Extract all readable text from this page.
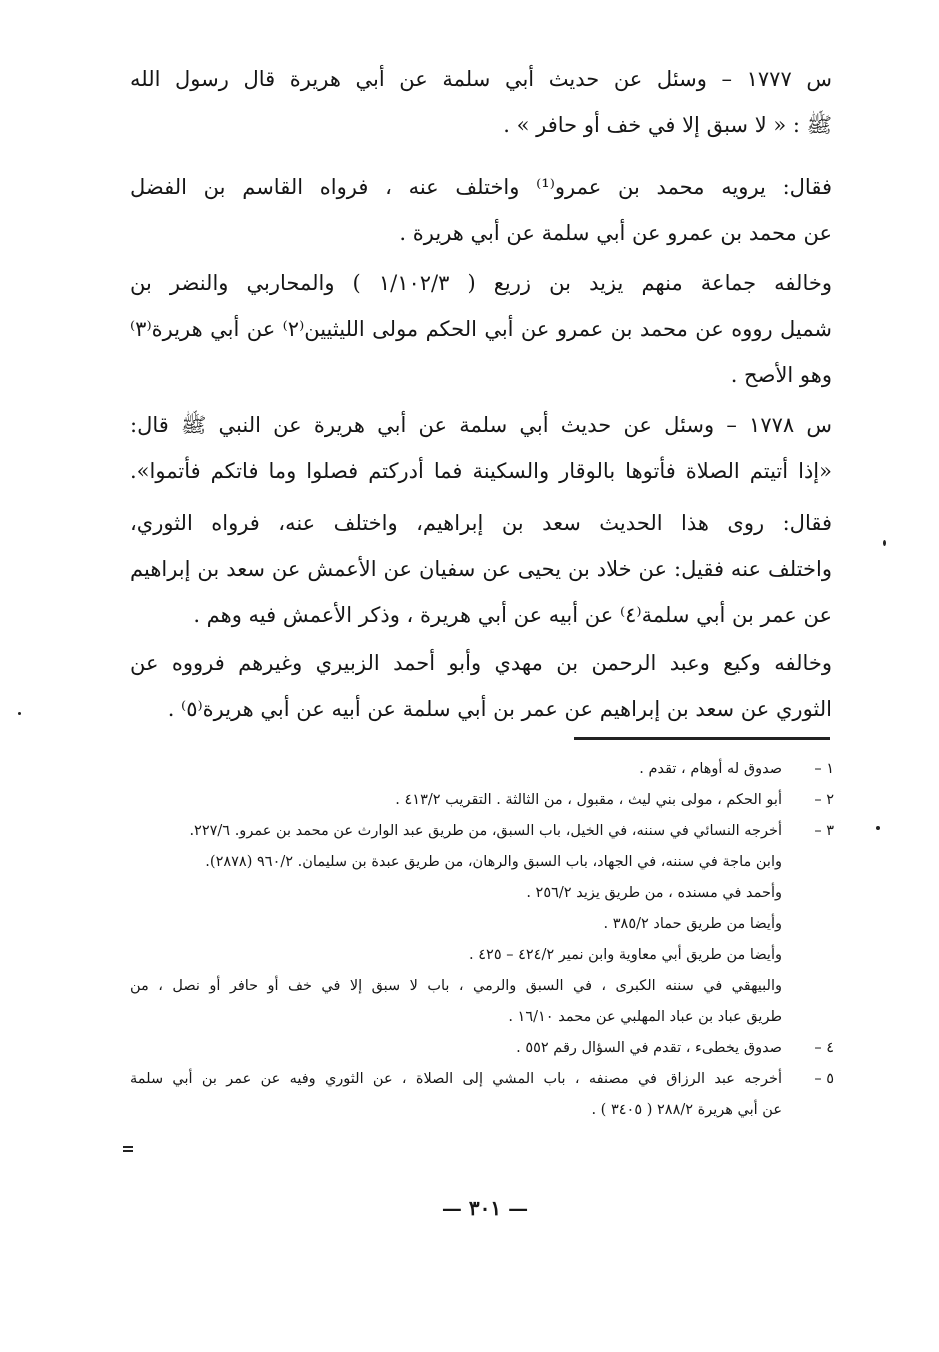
س ١٧٧٧ – وسئل عن حديث أبي سلمة عن أبي هريرة قال رسول الله
ﷺ : « لا سبق إلا في خف أو حافر » .
فقال: يرويه محمد بن عمرو⁽¹⁾ واختلف عنه ، فرواه القاسم بن الفضل
عن محمد بن عمرو عن أبي سلمة عن أبي هريرة .
وخالفه جماعة منهم يزيد بن زريع ( ١/١٠٢/٣ ) والمحاربي والنضر بن
شميل رووه عن محمد بن عمرو عن أبي الحكم مولى الليثيين⁽٢⁾ عن أبي هريرة⁽٣⁾
وهو الأصح .
س ١٧٧٨ – وسئل عن حديث أبي سلمة عن أبي هريرة عن النبي ﷺ قال:
«إذا أتيتم الصلاة فأتوها بالوقار والسكينة فما أدركتم فصلوا وما فاتكم فأتموا».
فقال: روى هذا الحديث سعد بن إبراهيم، واختلف عنه، فرواه الثوري،
واختلف عنه فقيل: عن خلاد بن يحيى عن سفيان عن الأعمش عن سعد بن إبراهيم
عن عمر بن أبي سلمة⁽٤⁾ عن أبيه عن أبي هريرة ، وذكر الأعمش فيه وهم .
وخالفه وكيع وعبد الرحمن بن مهدي وأبو أحمد الزبيري وغيرهم فرووه عن
الثوري عن سعد بن إبراهيم عن عمر بن أبي سلمة عن أبيه عن أبي هريرة⁽٥⁾ .
١ –
صدوق له أوهام ، تقدم .
٢ –
أبو الحكم ، مولى بني ليث ، مقبول ، من الثالثة . التقريب ٤١٣/٢ .
٣ –
أخرجه النسائي في سننه، في الخيل، باب السبق، من طريق عبد الوارث عن محمد بن عمرو. ٢٢٧/٦.
وابن ماجة في سننه، في الجهاد، باب السبق والرهان، من طريق عبدة بن سليمان. ٩٦٠/٢ (٢٨٧٨).
وأحمد في مسنده ، من طريق يزيد ٢٥٦/٢ .
وأيضا من طريق حماد ٣٨٥/٢ .
وأيضا من طريق أبي معاوية وابن نمير ٤٢٤/٢ – ٤٢٥ .
والبيهقي في سننه الكبرى ، في السبق والرمي ، باب لا سبق إلا في خف أو حافر أو نصل ، من
طريق عباد بن عباد المهلبي عن محمد ١٦/١٠ .
٤ –
صدوق يخطىء ، تقدم في السؤال رقم ٥٥٢ .
٥ –
أخرجه عبد الرزاق في مصنفه ، باب المشي إلى الصلاة ، عن الثوري وفيه عن عمر بن أبي سلمة
عن أبي هريرة ٢٨٨/٢ ( ٣٤٠٥ ) .
— ٣٠١ —
